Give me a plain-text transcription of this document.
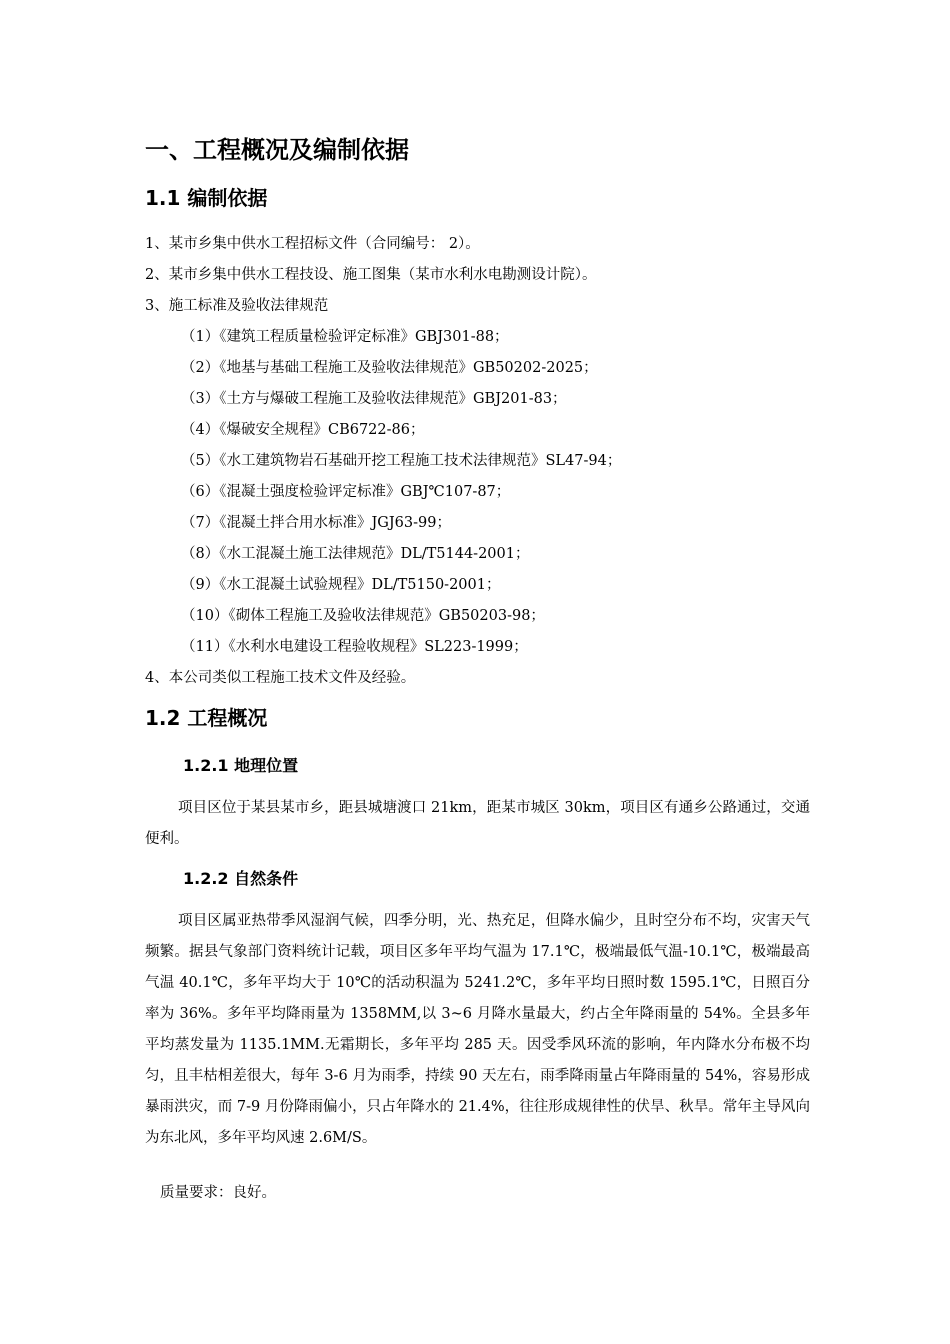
一、工程概况及编制依据
1.1 编制依据
1、某市乡集中供水工程招标文件（合同编号： 2）。
2、某市乡集中供水工程技设、施工图集（某市水利水电勘测设计院）。
3、施工标准及验收法律规范
（1）《建筑工程质量检验评定标准》GBJ301-88；
（2）《地基与基础工程施工及验收法律规范》GB50202-2025；
（3）《土方与爆破工程施工及验收法律规范》GBJ201-83；
（4）《爆破安全规程》CB6722-86；
（5）《水工建筑物岩石基础开挖工程施工技术法律规范》SL47-94；
（6）《混凝土强度检验评定标准》GBJ℃107-87；
（7）《混凝土拌合用水标准》JGJ63-99；
（8）《水工混凝土施工法律规范》DL/T5144-2001；
（9）《水工混凝土试验规程》DL/T5150-2001；
（10）《砌体工程施工及验收法律规范》GB50203-98；
（11）《水利水电建设工程验收规程》SL223-1999；
4、本公司类似工程施工技术文件及经验。
1.2 工程概况
1.2.1 地理位置
项目区位于某县某市乡，距县城塘渡口 21km，距某市城区 30km，项目区有通乡公路通过，交通便利。
1.2.2 自然条件
项目区属亚热带季风湿润气候，四季分明，光、热充足，但降水偏少，且时空分布不均，灾害天气频繁。据县气象部门资料统计记载，项目区多年平均气温为 17.1℃，极端最低气温-10.1℃，极端最高气温 40.1℃，多年平均大于 10℃的活动积温为 5241.2℃，多年平均日照时数 1595.1℃，日照百分率为 36%。多年平均降雨量为 1358MM,以 3~6 月降水量最大，约占全年降雨量的 54%。全县多年平均蒸发量为 1135.1MM.无霜期长，多年平均 285 天。因受季风环流的影响，年内降水分布极不均匀，且丰枯相差很大，每年 3-6 月为雨季，持续 90 天左右，雨季降雨量占年降雨量的 54%，容易形成暴雨洪灾，而 7-9 月份降雨偏小，只占年降水的 21.4%，往往形成规律性的伏旱、秋旱。常年主导风向为东北风，多年平均风速 2.6M/S。
质量要求：良好。
